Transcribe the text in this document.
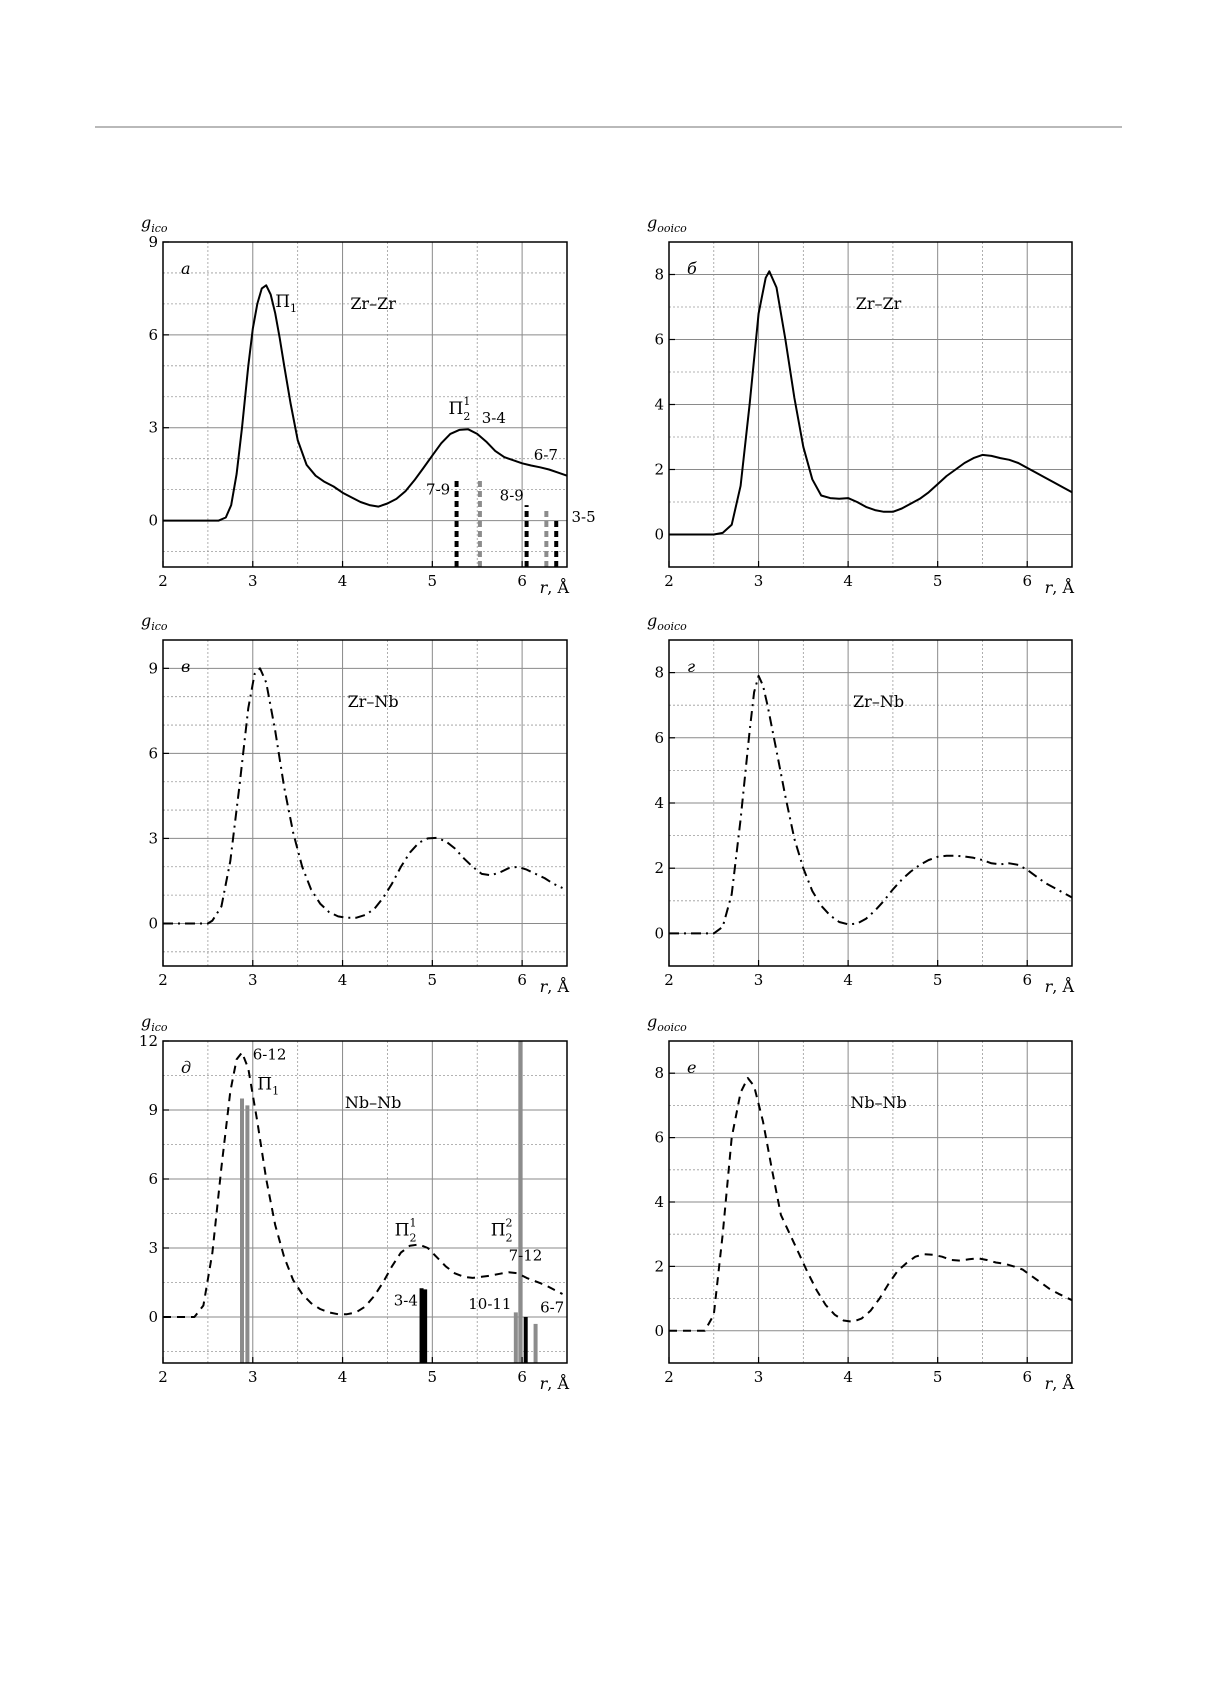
2	3	4	5	6
0
3
6
9
$g_{ico}$
r, Å
а
Zr–Zr
$П_1$
$П^1$ 2 3-4
7-9	8-9
6-7
3-5
2	3	4	5	6
0
2
4
6
8
$g_{ooico}$
r, Å
б
Zr–Zr
2	3	4	5	6
0
3
6
9
$g_{ico}$
r, Å
в
Zr–Nb
2	3	4	5	6
0
2
4
6
8
$g_{ooico}$
r, Å
г
Zr–Nb
2	3	4	5	6
0
3
6
9
12
$g_{ico}$
r, Å
д
Nb–Nb
$П_1$
$П^1$ 2	$П^2$ 2
6-12
3-4
7-12
10-11 6-7
2	3	4	5	6
0
2
4
6
8
$g_{ooico}$
r, Å
е
Nb–Nb
